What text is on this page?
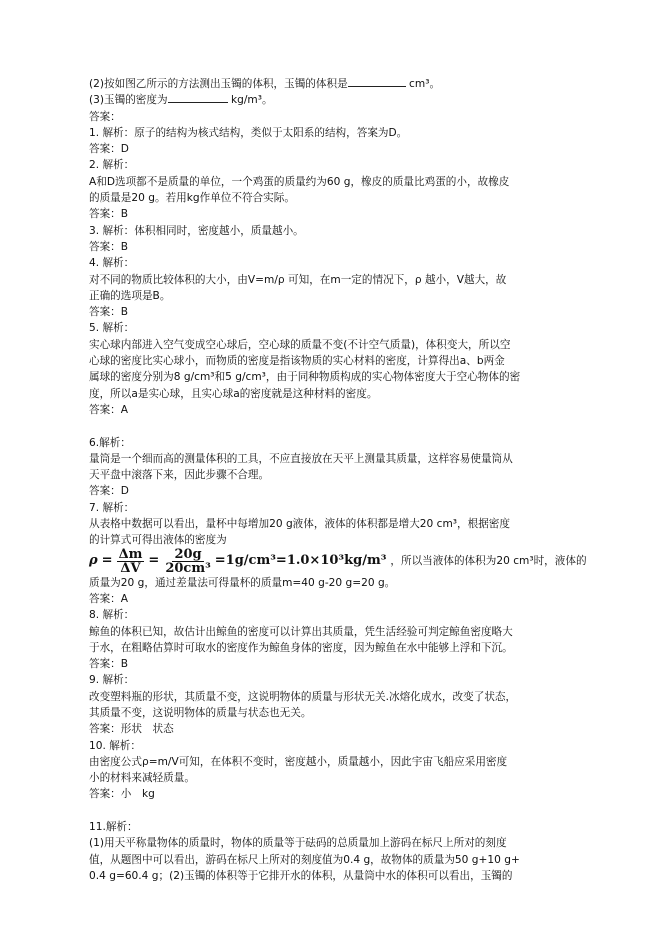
(2)按如图乙所示的方法测出玉镯的体积，玉镯的体积是	cm³。
(3)玉镯的密度为	kg/m³。
答案：
1. 解析：原子的结构为核式结构，类似于太阳系的结构，答案为D。
答案：D
2. 解析：
A和D选项都不是质量的单位，一个鸡蛋的质量约为60 g，橡皮的质量比鸡蛋的小，故橡皮
的质量是20 g。若用kg作单位不符合实际。
答案：B
3. 解析：体积相同时，密度越小，质量越小。
答案：B
4. 解析：
对不同的物质比较体积的大小，由V=m/ρ 可知，在m一定的情况下，ρ 越小，V越大，故
正确的选项是B。
答案：B
5. 解析：
实心球内部进入空气变成空心球后，空心球的质量不变(不计空气质量)，体积变大，所以空
心球的密度比实心球小，而物质的密度是指该物质的实心材料的密度，计算得出a、b两金
属球的密度分别为8 g/cm³和5 g/cm³，由于同种物质构成的实心物体密度大于空心物体的密
度，所以a是实心球，且实心球a的密度就是这种材料的密度。
答案：A
6.解析：
量筒是一个细而高的测量体积的工具，不应直接放在天平上测量其质量，这样容易使量筒从
天平盘中滚落下来，因此步骤不合理。
答案：D
7. 解析：
从表格中数据可以看出，量杯中每增加20 g液体，液体的体积都是增大20 cm³，根据密度
的计算式可得出液体的密度为
$\rho = \frac{\Delta m}{\Delta V} = \frac{20g}{\text{20cm³}} =1g/cm^3=1.0\times 10^3kg/m^3$ ，所以当液体的体积为20 cm³时，液体的
质量为20 g，通过差量法可得量杯的质量m=40 g-20 g=20 g。
答案：A
8. 解析：
鲸鱼的体积已知，故估计出鲸鱼的密度可以计算出其质量，凭生活经验可判定鲸鱼密度略大
于水，在粗略估算时可取水的密度作为鲸鱼身体的密度，因为鲸鱼在水中能够上浮和下沉。
答案：B
9. 解析：
改变塑料瓶的形状，其质量不变，这说明物体的质量与形状无关.冰熔化成水，改变了状态，
其质量不变，这说明物体的质量与状态也无关。
答案：形状　状态
10. 解析：
由密度公式ρ=m/V可知，在体积不变时，密度越小，质量越小，因此宇宙飞船应采用密度
小的材料来减轻质量。
答案：小　kg
11.解析：
(1)用天平称量物体的质量时，物体的质量等于砝码的总质量加上游码在标尺上所对的刻度
值，从题图中可以看出，游码在标尺上所对的刻度值为0.4 g，故物体的质量为50 g+10 g+
0.4 g=60.4 g；(2)玉镯的体积等于它排开水的体积，从量筒中水的体积可以看出，玉镯的
